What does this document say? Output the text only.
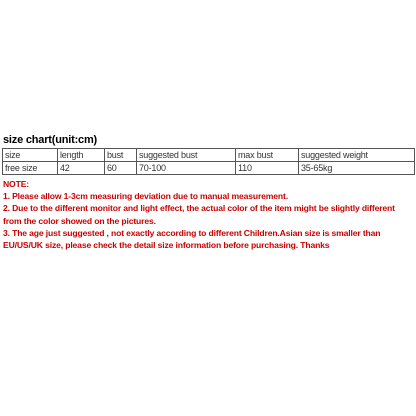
size chart(unit:cm)
size	length	bust	suggested bust	max bust	suggested weight
free size	42	60	70-100	110	35-65kg

NOTE:

1. Please allow 1-3cm measuring deviation due to manual measurement.

2. Due to the different monitor and light effect, the actual color of the item might be slightly different from the color showed on the pictures.

3. The age just suggested , not exactly according to different Children.Asian size is smaller than EU/US/UK size, please check the detail size information before purchasing. Thanks
